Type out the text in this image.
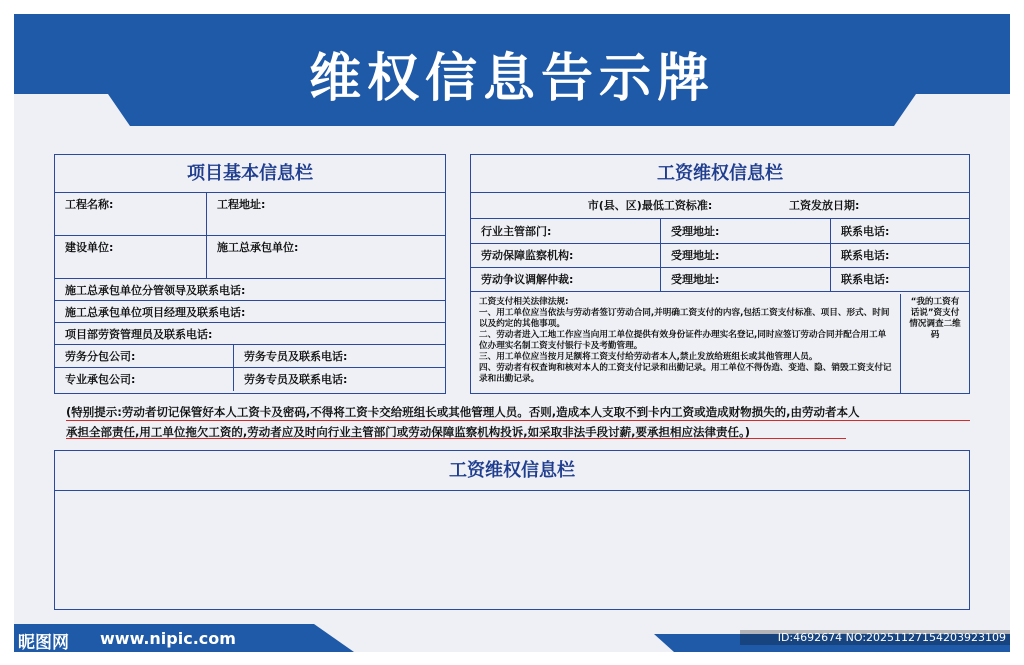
维权信息告示牌
项目基本信息栏
工程名称:	工程地址:
建设单位:	施工总承包单位:
施工总承包单位分管领导及联系电话:
施工总承包单位项目经理及联系电话:
项目部劳资管理员及联系电话:
劳务分包公司:	劳务专员及联系电话:
专业承包公司:	劳务专员及联系电话:
工资维权信息栏
市(县、区)最低工资标准:	工资发放日期:
行业主管部门:	受理地址:	联系电话:
劳动保障监察机构:	受理地址:	联系电话:
劳动争议调解仲裁:	受理地址:	联系电话:
工资支付相关法律法规:
一、用工单位应当依法与劳动者签订劳动合同,并明确工资支付的内容,包括工资支付标准、项目、形式、时间以及约定的其他事项。
二、劳动者进入工地工作应当向用工单位提供有效身份证件办理实名登记,同时应签订劳动合同并配合用工单位办理实名制工资支付银行卡及考勤管理。
三、用工单位应当按月足额将工资支付给劳动者本人,禁止发放给班组长或其他管理人员。
四、劳动者有权查询和核对本人的工资支付记录和出勤记录。用工单位不得伪造、变造、隐、销毁工资支付记录和出勤记录。
“我的工资有话说”资支付情况调查二维码
(特别提示:劳动者切记保管好本人工资卡及密码,不得将工资卡交给班组长或其他管理人员。否则,造成本人支取不到卡内工资或造成财物损失的,由劳动者本人
承担全部责任,用工单位拖欠工资的,劳动者应及时向行业主管部门或劳动保障监察机构投诉,如采取非法手段讨薪,要承担相应法律责任。)
工资维权信息栏
昵图网 www.nipic.com	ID:4692674 NO:20251127154203923109
